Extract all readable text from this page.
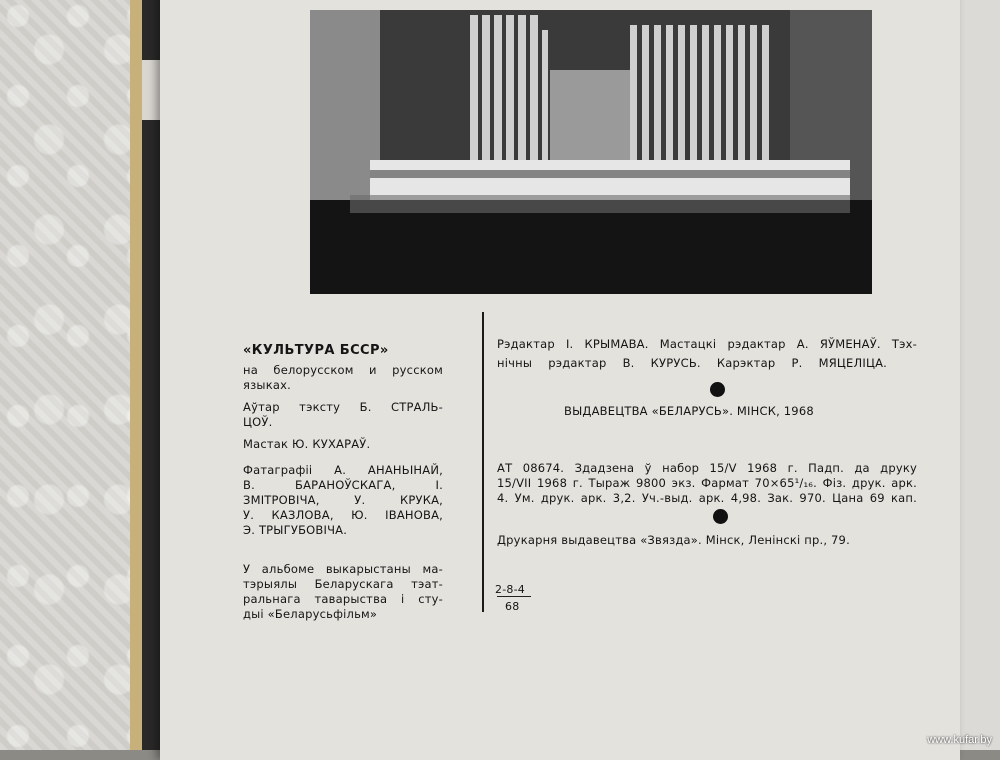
«КУЛЬТУРА БССР»
на белорусском и русском
языках.
Аўтар тэксту Б. СТРАЛЬ-
ЦОЎ.
Мастак Ю. КУХАРАЎ.
Фатаграфіі А. АНАНЬІНАЙ,
В. БАРАНОЎСКАГА, І.
ЗМІТРОВІЧА, У. КРУКА,
У. КАЗЛОВА, Ю. ІВАНОВА,
Э. ТРЫГУБОВІЧА.
У альбоме выкарыстаны ма-
тэрыялы Беларускага тэат-
ральнага таварыства і сту-
дыі «Беларусьфільм»
2-8-4
68
Рэдактар І. КРЫМАВА. Мастацкі рэдактар А. ЯЎМЕНАЎ. Тэх-
нічны рэдактар В. КУРУСЬ. Карэктар Р. МЯЦЕЛІЦА.
ВЫДАВЕЦТВА «БЕЛАРУСЬ». МІНСК, 1968
АТ 08674. Здадзена ў набор 15/V 1968 г. Падп. да друку
15/VII 1968 г. Тыраж 9800 экз. Фармат 70×65¹/₁₆. Фіз. друк. арк.
4. Ум. друк. арк. 3,2. Уч.-выд. арк. 4,98. Зак. 970. Цана 69 кап.
Друкарня выдавецтва «Звязда». Мінск, Ленінскі пр., 79.
www.kufar.by
